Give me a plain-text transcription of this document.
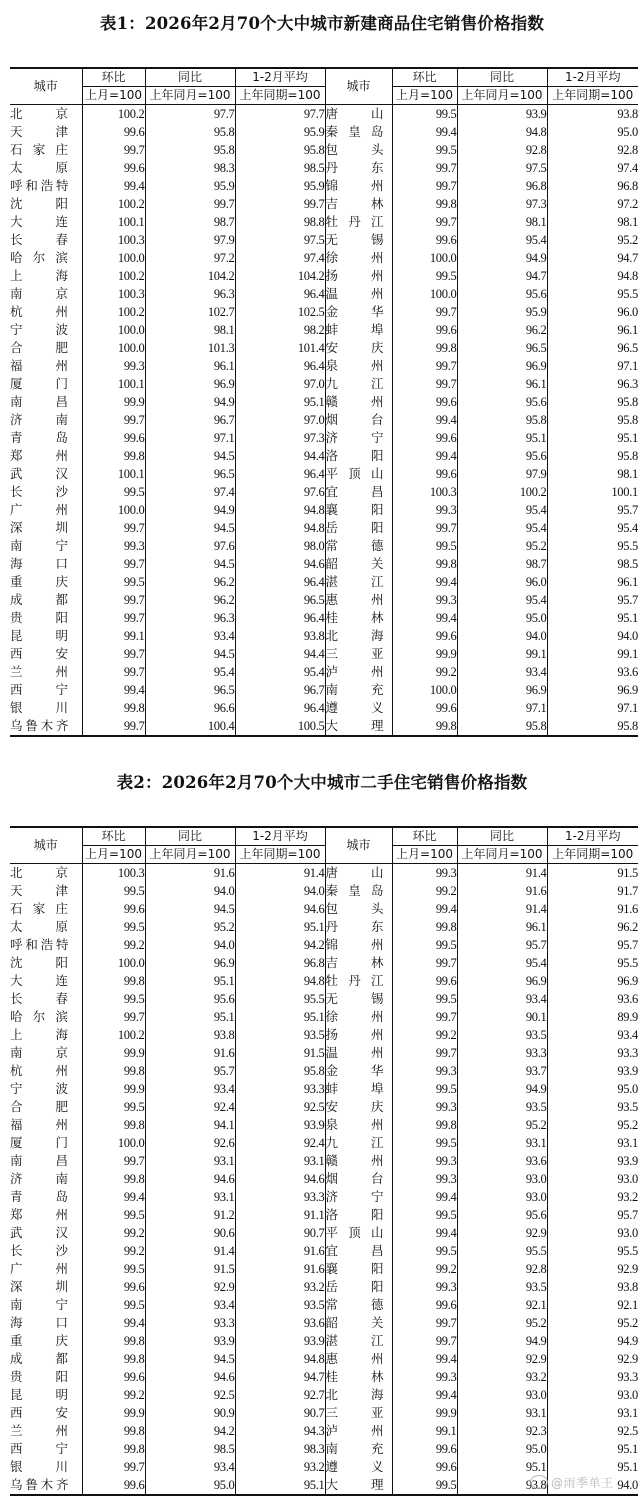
表1：2026年2月70个大中城市新建商品住宅销售价格指数
城市	环比	同比	1-2月平均	城市	环比	同比	1-2月平均
	上月=100	上年同月=100	上年同期=100		上月=100	上年同月=100	上年同期=100

北 京	100.2	97.7	97.7	唐 山	99.5	93.9	93.8

天 津	99.6	95.8	95.9	秦 皇 岛	99.4	94.8	95.0

石 家 庄	99.7	95.8	95.8	包 头	99.5	92.8	92.8

太 原	99.6	98.3	98.5	丹 东	99.7	97.5	97.4

呼 和 浩 特	99.4	95.9	95.9	锦 州	99.7	96.8	96.8

沈 阳	100.2	99.7	99.7	吉 林	99.8	97.3	97.2

大 连	100.1	98.7	98.8	牡 丹 江	99.7	98.1	98.1

长 春	100.3	97.9	97.5	无 锡	99.6	95.4	95.2

哈 尔 滨	100.0	97.2	97.4	徐 州	100.0	94.9	94.7

上 海	100.2	104.2	104.2	扬 州	99.5	94.7	94.8

南 京	100.3	96.3	96.4	温 州	100.0	95.6	95.5

杭 州	100.2	102.7	102.5	金 华	99.7	95.9	96.0

宁 波	100.0	98.1	98.2	蚌 埠	99.6	96.2	96.1

合 肥	100.0	101.3	101.4	安 庆	99.8	96.5	96.5

福 州	99.3	96.1	96.4	泉 州	99.7	96.9	97.1

厦 门	100.1	96.9	97.0	九 江	99.7	96.1	96.3

南 昌	99.9	94.9	95.1	赣 州	99.6	95.6	95.8

济 南	99.7	96.7	97.0	烟 台	99.4	95.8	95.8

青 岛	99.6	97.1	97.3	济 宁	99.6	95.1	95.1

郑 州	99.8	94.5	94.4	洛 阳	99.4	95.6	95.8

武 汉	100.1	96.5	96.4	平 顶 山	99.6	97.9	98.1

长 沙	99.5	97.4	97.6	宜 昌	100.3	100.2	100.1

广 州	100.0	94.9	94.8	襄 阳	99.3	95.4	95.7

深 圳	99.7	94.5	94.8	岳 阳	99.7	95.4	95.4

南 宁	99.3	97.6	98.0	常 德	99.5	95.2	95.5

海 口	99.7	94.5	94.6	韶 关	99.8	98.7	98.5

重 庆	99.5	96.2	96.4	湛 江	99.4	96.0	96.1

成 都	99.7	96.2	96.5	惠 州	99.3	95.4	95.7

贵 阳	99.7	96.3	96.4	桂 林	99.4	95.0	95.1

昆 明	99.1	93.4	93.8	北 海	99.6	94.0	94.0

西 安	99.7	94.5	94.4	三 亚	99.9	99.1	99.1

兰 州	99.7	95.4	95.4	泸 州	99.2	93.4	93.6

西 宁	99.4	96.5	96.7	南 充	100.0	96.9	96.9

银 川	99.8	96.6	96.4	遵 义	99.6	97.1	97.1

乌 鲁 木 齐	99.7	100.4	100.5	大 理	99.8	95.8	95.8
表2：2026年2月70个大中城市二手住宅销售价格指数
城市	环比	同比	1-2月平均	城市	环比	同比	1-2月平均
	上月=100	上年同月=100	上年同期=100		上月=100	上年同月=100	上年同期=100

北 京	100.3	91.6	91.4	唐 山	99.3	91.4	91.5

天 津	99.5	94.0	94.0	秦 皇 岛	99.2	91.6	91.7

石 家 庄	99.6	94.5	94.6	包 头	99.4	91.4	91.6

太 原	99.5	95.2	95.1	丹 东	99.8	96.1	96.2

呼 和 浩 特	99.2	94.0	94.2	锦 州	99.5	95.7	95.7

沈 阳	100.0	96.9	96.8	吉 林	99.7	95.4	95.5

大 连	99.8	95.1	94.8	牡 丹 江	99.6	96.9	96.9

长 春	99.5	95.6	95.5	无 锡	99.5	93.4	93.6

哈 尔 滨	99.7	95.1	95.1	徐 州	99.7	90.1	89.9

上 海	100.2	93.8	93.5	扬 州	99.2	93.5	93.4

南 京	99.9	91.6	91.5	温 州	99.7	93.3	93.3

杭 州	99.8	95.7	95.8	金 华	99.3	93.7	93.9

宁 波	99.9	93.4	93.3	蚌 埠	99.5	94.9	95.0

合 肥	99.5	92.4	92.5	安 庆	99.3	93.5	93.5

福 州	99.8	94.1	93.9	泉 州	99.8	95.2	95.2

厦 门	100.0	92.6	92.4	九 江	99.5	93.1	93.1

南 昌	99.7	93.1	93.1	赣 州	99.3	93.6	93.9

济 南	99.8	94.6	94.6	烟 台	99.3	93.0	93.0

青 岛	99.4	93.1	93.3	济 宁	99.4	93.0	93.2

郑 州	99.5	91.2	91.1	洛 阳	99.5	95.6	95.7

武 汉	99.2	90.6	90.7	平 顶 山	99.4	92.9	93.0

长 沙	99.2	91.4	91.6	宜 昌	99.5	95.5	95.5

广 州	99.5	91.5	91.6	襄 阳	99.2	92.8	92.9

深 圳	99.6	92.9	93.2	岳 阳	99.3	93.5	93.8

南 宁	99.5	93.4	93.5	常 德	99.6	92.1	92.1

海 口	99.4	93.3	93.6	韶 关	99.7	95.2	95.2

重 庆	99.8	93.9	93.9	湛 江	99.7	94.9	94.9

成 都	99.8	94.5	94.8	惠 州	99.4	92.9	92.9

贵 阳	99.6	94.6	94.7	桂 林	99.3	93.2	93.3

昆 明	99.2	92.5	92.7	北 海	99.4	93.0	93.0

西 安	99.9	90.9	90.7	三 亚	99.9	93.1	93.1

兰 州	99.8	94.2	94.3	泸 州	99.1	92.3	92.5

西 宁	99.8	98.5	98.3	南 充	99.6	95.0	95.1

银 川	99.7	93.4	93.2	遵 义	99.6	95.1	95.1

乌 鲁 木 齐	99.6	95.0	95.1	大 理	99.5	93.8	94.0
@雨季单王
